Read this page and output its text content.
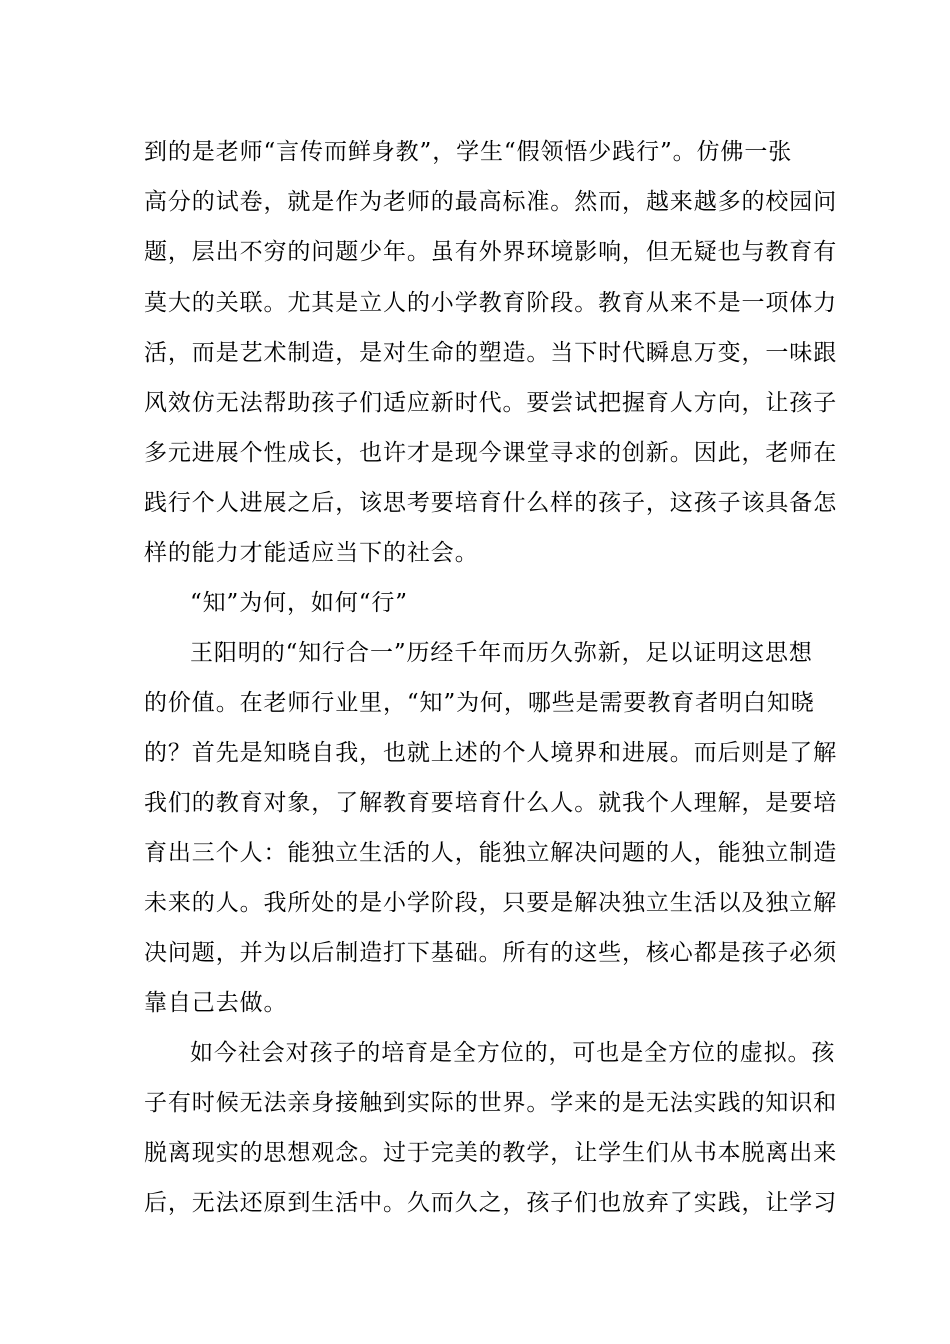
到的是老师“言传而鲜身教”，学生“假领悟少践行”。仿佛一张

高分的试卷，就是作为老师的最高标准。然而，越来越多的校园问

题，层出不穷的问题少年。虽有外界环境影响，但无疑也与教育有

莫大的关联。尤其是立人的小学教育阶段。教育从来不是一项体力

活，而是艺术制造，是对生命的塑造。当下时代瞬息万变，一味跟

风效仿无法帮助孩子们适应新时代。要尝试把握育人方向，让孩子

多元进展个性成长，也许才是现今课堂寻求的创新。因此，老师在

践行个人进展之后，该思考要培育什么样的孩子，这孩子该具备怎

样的能力才能适应当下的社会。

“知”为何，如何“行”

王阳明的“知行合一”历经千年而历久弥新，足以证明这思想

的价值。在老师行业里，“知”为何，哪些是需要教育者明白知晓

的？首先是知晓自我，也就上述的个人境界和进展。而后则是了解

我们的教育对象，了解教育要培育什么人。就我个人理解，是要培

育出三个人：能独立生活的人，能独立解决问题的人，能独立制造

未来的人。我所处的是小学阶段，只要是解决独立生活以及独立解

决问题，并为以后制造打下基础。所有的这些，核心都是孩子必须

靠自己去做。

如今社会对孩子的培育是全方位的，可也是全方位的虚拟。孩

子有时候无法亲身接触到实际的世界。学来的是无法实践的知识和

脱离现实的思想观念。过于完美的教学，让学生们从书本脱离出来

后，无法还原到生活中。久而久之，孩子们也放弃了实践，让学习
